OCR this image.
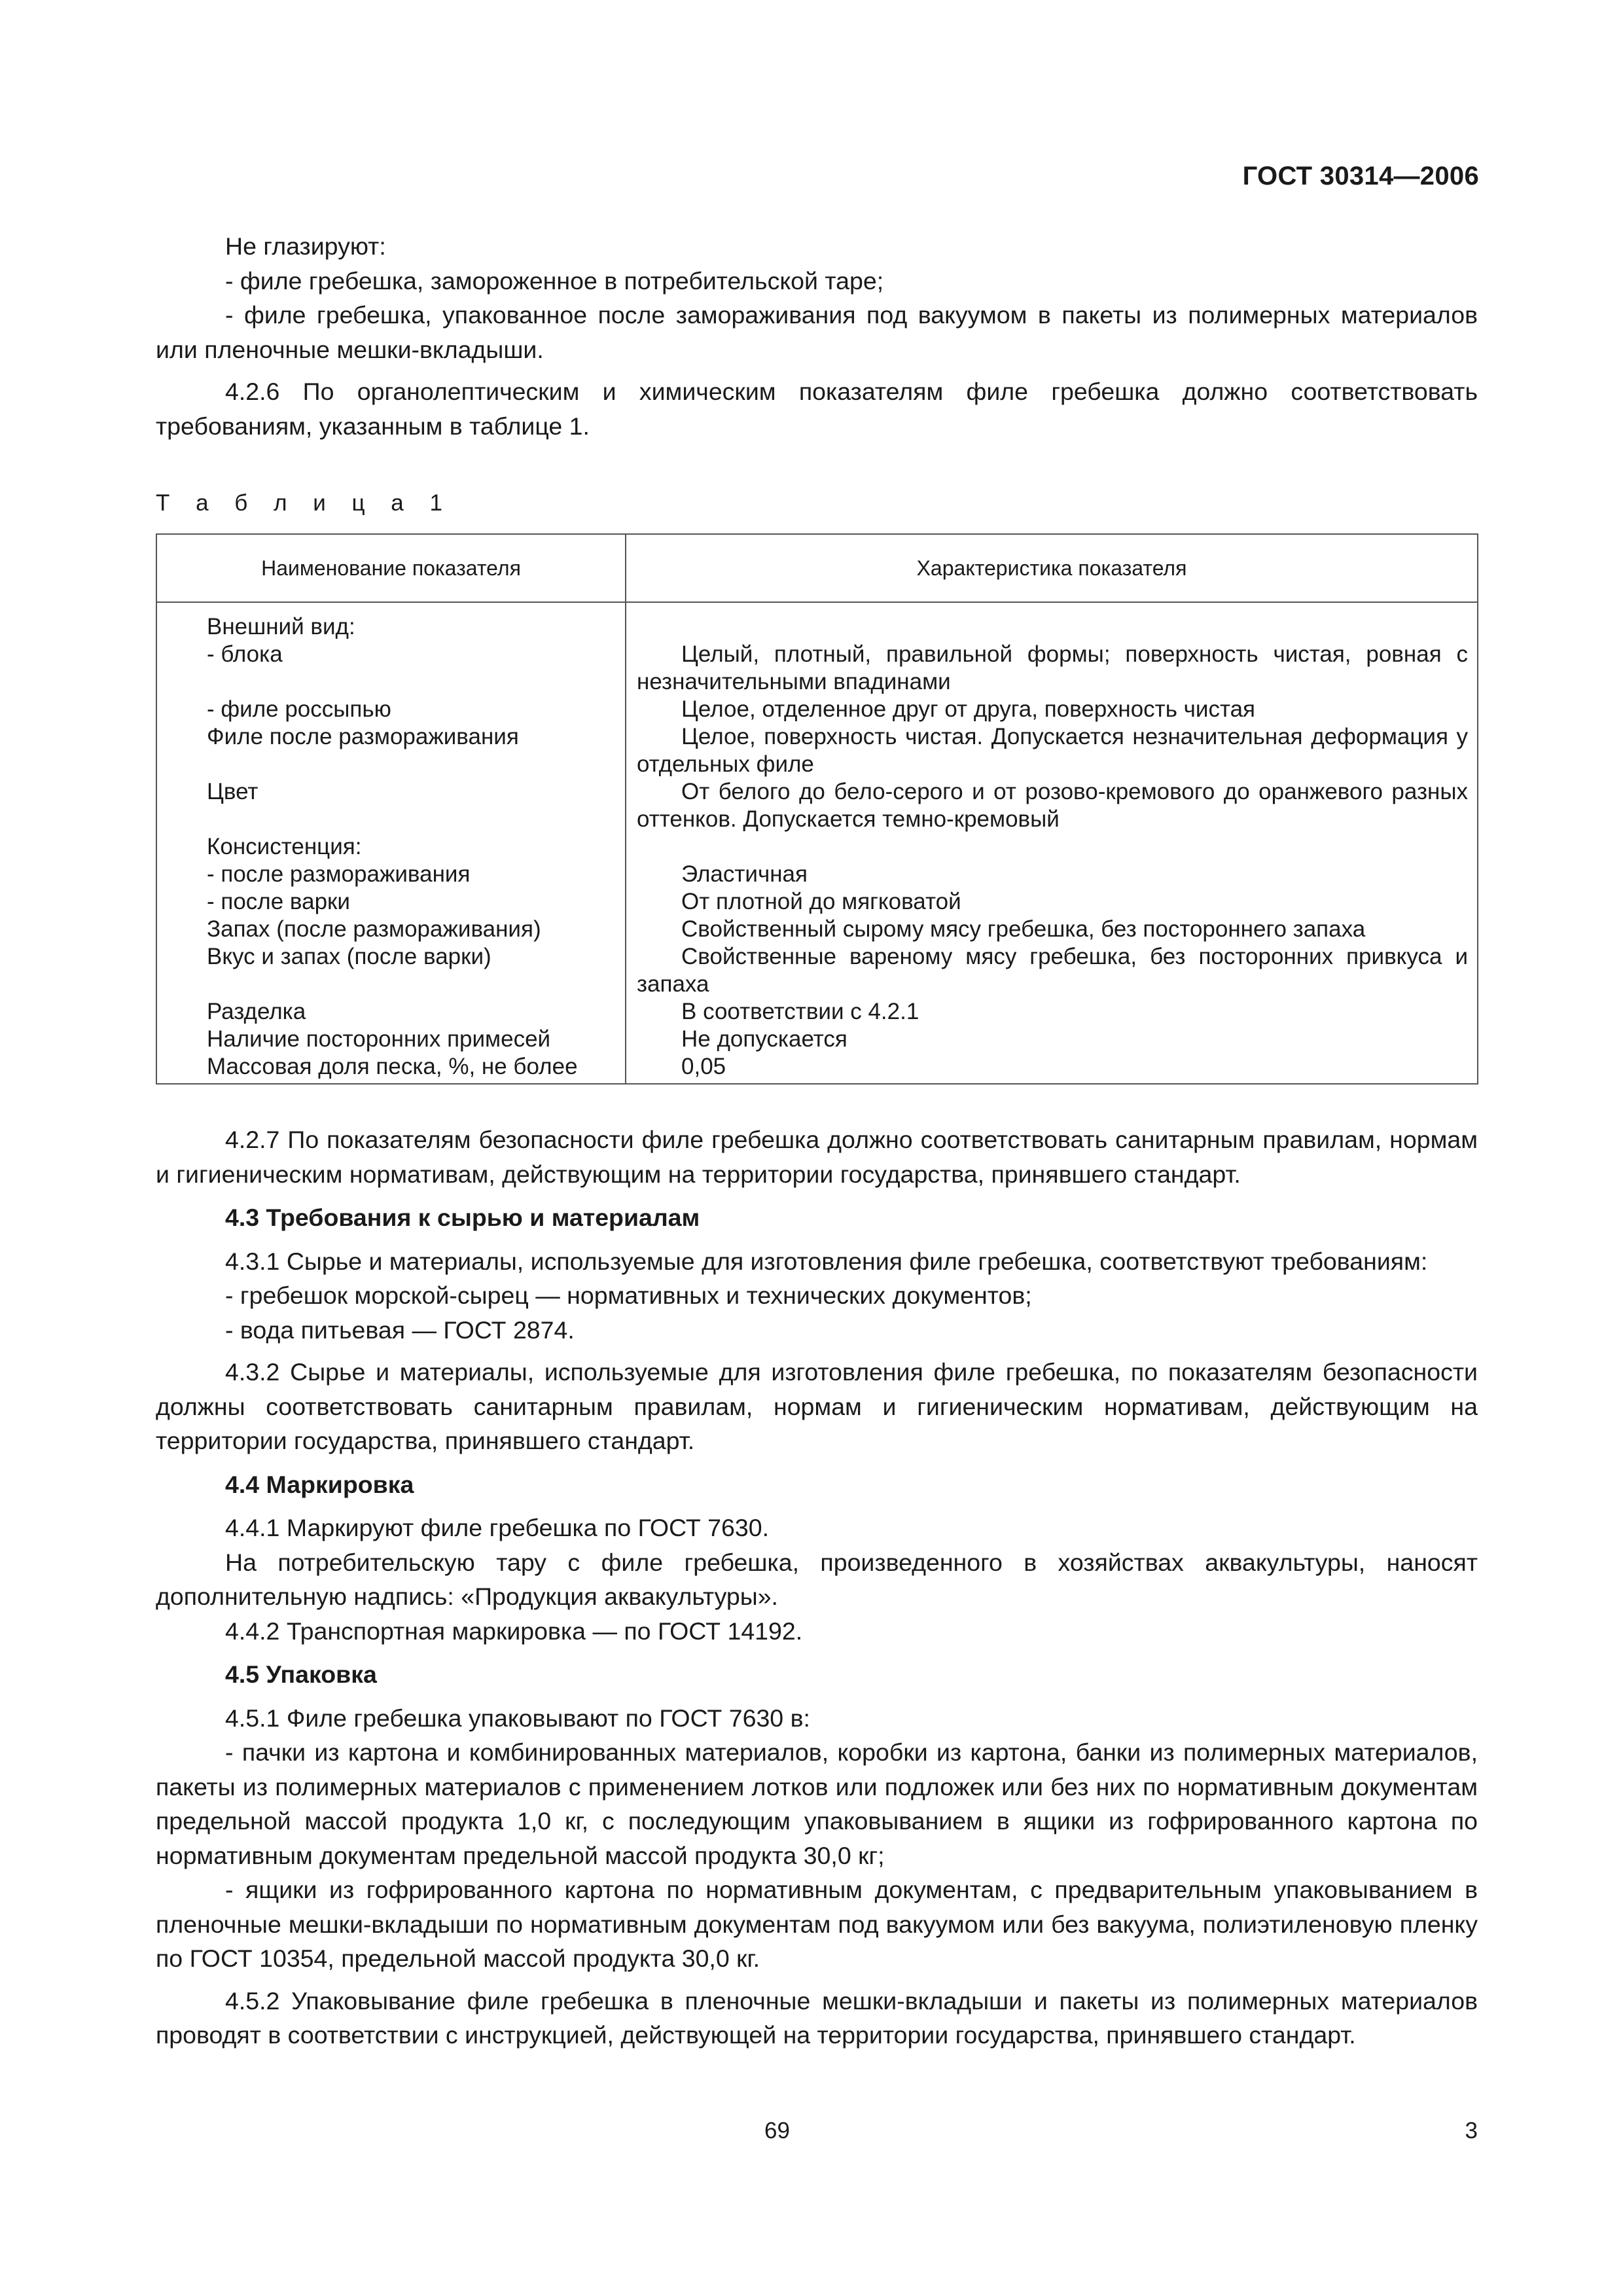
ГОСТ 30314—2006

Не глазируют:

- филе гребешка, замороженное в потребительской таре;

- филе гребешка, упакованное после замораживания под вакуумом в пакеты из полимерных материалов или пленочные мешки-вкладыши.

4.2.6 По органолептическим и химическим показателям филе гребешка должно соответствовать требованиям, указанным в таблице 1.

Т а б л и ц а 1
Наименование показателя	Характеристика показателя
Внешний вид:	

- блока	Целый, плотный, правильной формы; поверхность чистая, ровная с незначительными впадинами

- филе россыпью	Целое, отделенное друг от друга, поверхность чистая

Филе после размораживания	Целое, поверхность чистая. Допускается незначительная деформация у отдельных филе

Цвет	От белого до бело-серого и от розово-кремового до оранжевого разных оттенков. Допускается темно-кремовый

Консистенция:	

- после размораживания	Эластичная

- после варки	От плотной до мягковатой

Запах (после размораживания)	Свойственный сырому мясу гребешка, без постороннего запаха

Вкус и запах (после варки)	Свойственные вареному мясу гребешка, без посторонних привкуса и запаха

Разделка	В соответствии с 4.2.1

Наличие посторонних примесей	Не допускается

Массовая доля песка, %, не более	0,05

4.2.7 По показателям безопасности филе гребешка должно соответствовать санитарным правилам, нормам и гигиеническим нормативам, действующим на территории государства, принявшего стандарт.

4.3 Требования к сырью и материалам

4.3.1 Сырье и материалы, используемые для изготовления филе гребешка, соответствуют требованиям:

- гребешок морской-сырец — нормативных и технических документов;

- вода питьевая — ГОСТ 2874.

4.3.2 Сырье и материалы, используемые для изготовления филе гребешка, по показателям безопасности должны соответствовать санитарным правилам, нормам и гигиеническим нормативам, действующим на территории государства, принявшего стандарт.

4.4 Маркировка

4.4.1 Маркируют филе гребешка по ГОСТ 7630.

На потребительскую тару с филе гребешка, произведенного в хозяйствах аквакультуры, наносят дополнительную надпись: «Продукция аквакультуры».

4.4.2 Транспортная маркировка — по ГОСТ 14192.

4.5 Упаковка

4.5.1 Филе гребешка упаковывают по ГОСТ 7630 в:

- пачки из картона и комбинированных материалов, коробки из картона, банки из полимерных материалов, пакеты из полимерных материалов с применением лотков или подложек или без них по нормативным документам предельной массой продукта 1,0 кг, с последующим упаковыванием в ящики из гофрированного картона по нормативным документам предельной массой продукта 30,0 кг;

- ящики из гофрированного картона по нормативным документам, с предварительным упаковыванием в пленочные мешки-вкладыши по нормативным документам под вакуумом или без вакуума, полиэтиленовую пленку по ГОСТ 10354, предельной массой продукта 30,0 кг.

4.5.2 Упаковывание филе гребешка в пленочные мешки-вкладыши и пакеты из полимерных материалов проводят в соответствии с инструкцией, действующей на территории государства, принявшего стандарт.

69	3
